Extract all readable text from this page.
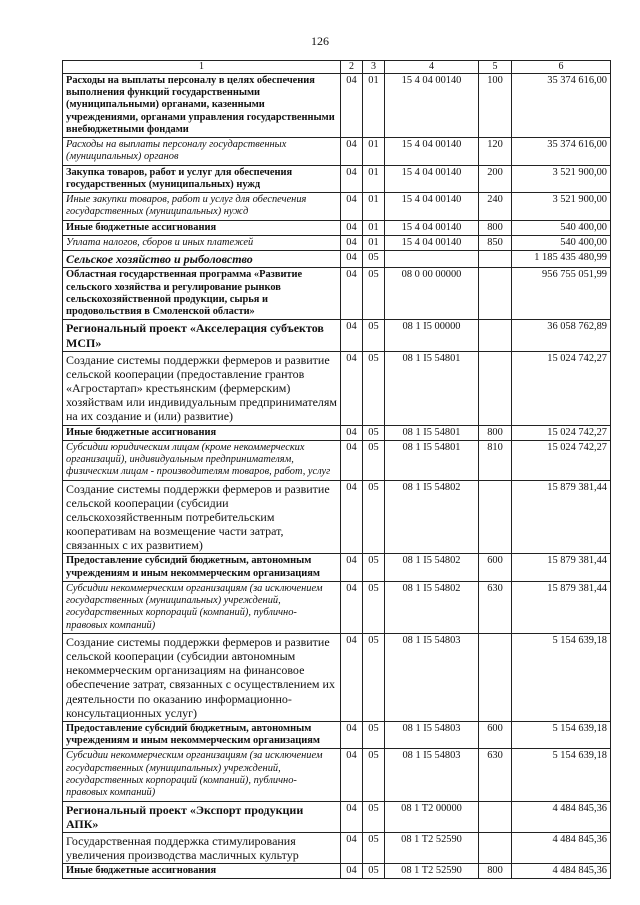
126
1	2	3	4	5	6
Расходы на выплаты персоналу в целях обеспечения выполнения функций государственными (муниципальными) органами, казенными учреждениями, органами управления государственными внебюджетными фондами	04	01	15 4 04 00140	100	35 374 616,00
Расходы на выплаты персоналу государственных (муниципальных) органов	04	01	15 4 04 00140	120	35 374 616,00
Закупка товаров, работ и услуг для обеспечения государственных (муниципальных) нужд	04	01	15 4 04 00140	200	3 521 900,00
Иные закупки товаров, работ и услуг для обеспечения государственных (муниципальных) нужд	04	01	15 4 04 00140	240	3 521 900,00
Иные бюджетные ассигнования	04	01	15 4 04 00140	800	540 400,00
Уплата налогов, сборов и иных платежей	04	01	15 4 04 00140	850	540 400,00
Сельское хозяйство и рыболовство	04	05			1 185 435 480,99
Областная государственная программа «Развитие сельского хозяйства и регулирование рынков сельскохозяйственной продукции, сырья и продовольствия в Смоленской области»	04	05	08 0 00 00000		956 755 051,99
Региональный проект «Акселерация субъектов МСП»	04	05	08 1 I5 00000		36 058 762,89
Создание системы поддержки фермеров и развитие сельской кооперации (предоставление грантов «Агростартап» крестьянским (фермерским) хозяйствам или индивидуальным предпринимателям на их создание и (или) развитие)	04	05	08 1 I5 54801		15 024 742,27
Иные бюджетные ассигнования	04	05	08 1 I5 54801	800	15 024 742,27
Субсидии юридическим лицам (кроме некоммерческих организаций), индивидуальным предпринимателям, физическим лицам - производителям товаров, работ, услуг	04	05	08 1 I5 54801	810	15 024 742,27
Создание системы поддержки фермеров и развитие сельской кооперации (субсидии сельскохозяйственным потребительским кооперативам на возмещение части затрат, связанных с их развитием)	04	05	08 1 I5 54802		15 879 381,44
Предоставление субсидий бюджетным, автономным учреждениям и иным некоммерческим организациям	04	05	08 1 I5 54802	600	15 879 381,44
Субсидии некоммерческим организациям (за исключением государственных (муниципальных) учреждений, государственных корпораций (компаний), публично-правовых компаний)	04	05	08 1 I5 54802	630	15 879 381,44
Создание системы поддержки фермеров и развитие сельской кооперации (субсидии автономным некоммерческим организациям на финансовое обеспечение затрат, связанных с осуществлением их деятельности по оказанию информационно-консультационных услуг)	04	05	08 1 I5 54803		5 154 639,18
Предоставление субсидий бюджетным, автономным учреждениям и иным некоммерческим организациям	04	05	08 1 I5 54803	600	5 154 639,18
Субсидии некоммерческим организациям (за исключением государственных (муниципальных) учреждений, государственных корпораций (компаний), публично-правовых компаний)	04	05	08 1 I5 54803	630	5 154 639,18
Региональный проект «Экспорт продукции АПК»	04	05	08 1 T2 00000		4 484 845,36
Государственная поддержка стимулирования увеличения производства масличных культур	04	05	08 1 T2 52590		4 484 845,36
Иные бюджетные ассигнования	04	05	08 1 T2 52590	800	4 484 845,36
